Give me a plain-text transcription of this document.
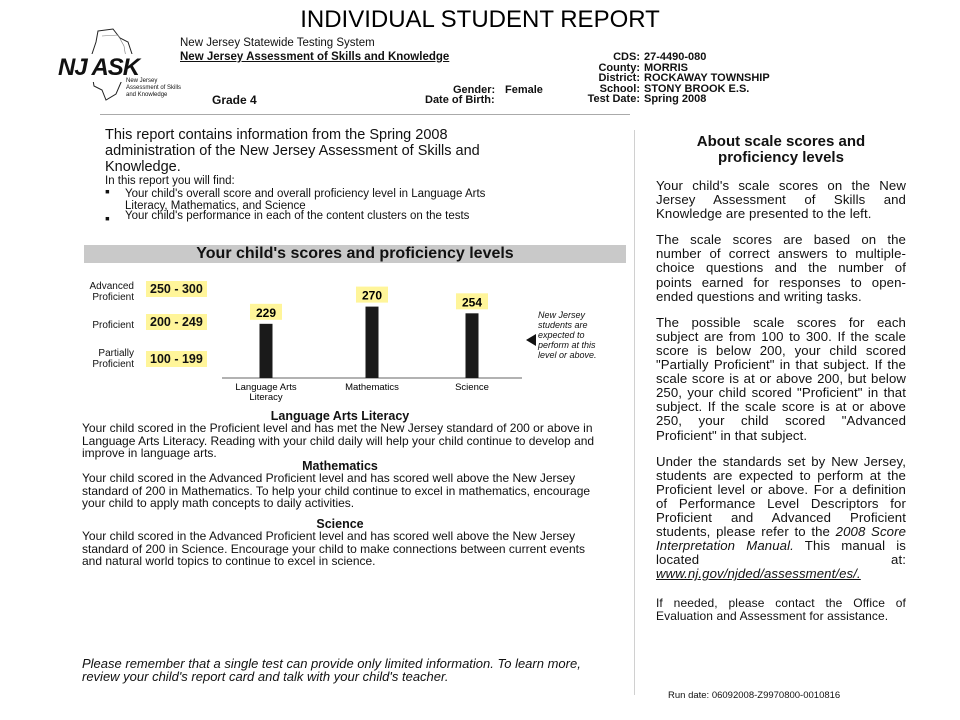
INDIVIDUAL STUDENT REPORT
NJ ASK
New Jersey Assessment of Skills and Knowledge
New Jersey Statewide Testing System
New Jersey Assessment of Skills and Knowledge
Grade 4
Gender: Female
Date of Birth:
CDS: 27-4490-080
County: MORRIS
District: ROCKAWAY TOWNSHIP
School: STONY BROOK E.S.
Test Date: Spring 2008
This report contains information from the Spring 2008 administration of the New Jersey Assessment of Skills and Knowledge.
In this report you will find:
▪ Your child's overall score and overall proficiency level in Language Arts Literacy, Mathematics, and Science
▪ Your child's performance in each of the content clusters on the tests
Your child's scores and proficiency levels
Advanced Proficient
Proficient
Partially Proficient
250 - 300
200 - 249
100 - 199
229
Language Arts
Literacy
270
Mathematics
254
Science
New Jersey students are expected to perform at this level or above.
Language Arts Literacy
Your child scored in the Proficient level and has met the New Jersey standard of 200 or above in Language Arts Literacy. Reading with your child daily will help your child continue to develop and improve in language arts.
Mathematics
Your child scored in the Advanced Proficient level and has scored well above the New Jersey standard of 200 in Mathematics. To help your child continue to excel in mathematics, encourage your child to apply math concepts to daily activities.
Science
Your child scored in the Advanced Proficient level and has scored well above the New Jersey standard of 200 in Science. Encourage your child to make connections between current events and natural world topics to continue to excel in science.
Please remember that a single test can provide only limited information. To learn more, review your child's report card and talk with your child's teacher.
About scale scores and proficiency levels
Your child's scale scores on the New Jersey Assessment of Skills and Knowledge are presented to the left.
The scale scores are based on the number of correct answers to multiple-choice questions and the number of points earned for responses to open-ended questions and writing tasks.
The possible scale scores for each subject are from 100 to 300. If the scale score is below 200, your child scored "Partially Proficient" in that subject. If the scale score is at or above 200, but below 250, your child scored "Proficient" in that subject. If the scale score is at or above 250, your child scored "Advanced Proficient" in that subject.
Under the standards set by New Jersey, students are expected to perform at the Proficient level or above. For a definition of Performance Level Descriptors for Proficient and Advanced Proficient students, please refer to the 2008 Score Interpretation Manual. This manual is located at: www.nj.gov/njded/assessment/es/.
If needed, please contact the Office of Evaluation and Assessment for assistance.
Run date: 06092008-Z9970800-0010816
